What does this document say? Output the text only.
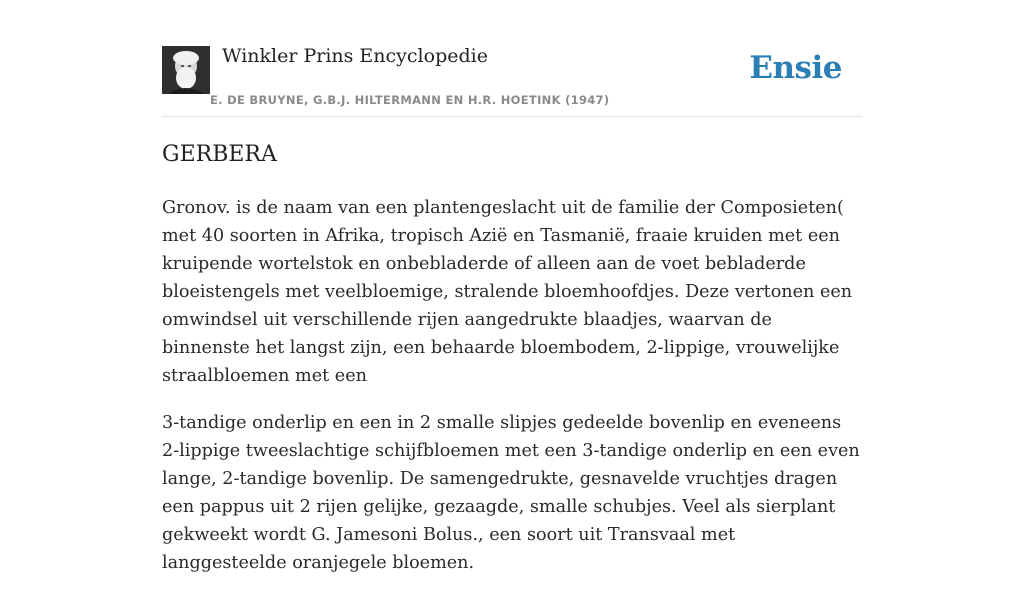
Winkler Prins Encyclopedie
E. DE BRUYNE, G.B.J. HILTERMANN EN H.R. HOETINK (1947)
Ensie
GERBERA

Gronov. is de naam van een plantengeslacht uit de familie der Composieten( met 40 soorten in Afrika, tropisch Azië en Tasmanië, fraaie kruiden met een kruipende wortelstok en onbebladerde of alleen aan de voet bebladerde bloeistengels met veelbloemige, stralende bloemhoofdjes. Deze vertonen een omwindsel uit verschillende rijen aangedrukte blaadjes, waarvan de binnenste het langst zijn, een behaarde bloembodem, 2-lippige, vrouwelijke straalbloemen met een

3-tandige onderlip en een in 2 smalle slipjes gedeelde bovenlip en eveneens 2-lippige tweeslachtige schijfbloemen met een 3-tandige onderlip en een even lange, 2-tandige bovenlip. De samengedrukte, gesnavelde vruchtjes dragen een pappus uit 2 rijen gelijke, gezaagde, smalle schubjes. Veel als sierplant gekweekt wordt G. Jamesoni Bolus., een soort uit Transvaal met langgesteelde oranjegele bloemen.
